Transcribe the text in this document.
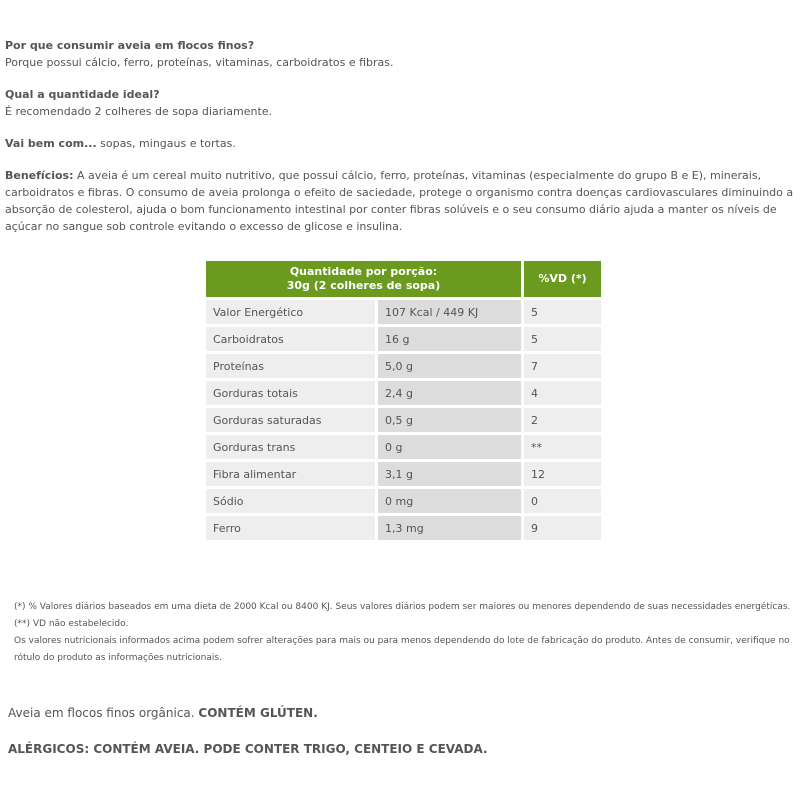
Por que consumir aveia em flocos finos?

Porque possui cálcio, ferro, proteínas, vitaminas, carboidratos e fibras.

Qual a quantidade ideal?

É recomendado 2 colheres de sopa diariamente.

Vai bem com... sopas, mingaus e tortas.

Benefícios: A aveia é um cereal muito nutritivo, que possui cálcio, ferro, proteínas, vitaminas (especialmente do grupo B e E), minerais, carboidratos e fibras. O consumo de aveia prolonga o efeito de saciedade, protege o organismo contra doenças cardiovasculares diminuindo a absorção de colesterol, ajuda o bom funcionamento intestinal por conter fibras solúveis e o seu consumo diário ajuda a manter os níveis de açúcar no sangue sob controle evitando o excesso de glicose e insulina.

Quantidade por porção:
30g (2 colheres de sopa)		%VD (*)
Valor Energético	107 Kcal / 449 KJ	5
Carboidratos	16 g	5
Proteínas	5,0 g	7
Gorduras totais	2,4 g	4
Gorduras saturadas	0,5 g	2
Gorduras trans	0 g	**
Fibra alimentar	3,1 g	12
Sódio	0 mg	0
Ferro	1,3 mg	9

(*) % Valores diários baseados em uma dieta de 2000 Kcal ou 8400 KJ. Seus valores diários podem ser maiores ou menores dependendo de suas necessidades energéticas. (**) VD não estabelecido.

Os valores nutricionais informados acima podem sofrer alterações para mais ou para menos dependendo do lote de fabricação do produto. Antes de consumir, verifique no rótulo do produto as informações nutricionais.

Aveia em flocos finos orgânica. CONTÉM GLÚTEN.
ALÉRGICOS: CONTÉM AVEIA. PODE CONTER TRIGO, CENTEIO E CEVADA.
